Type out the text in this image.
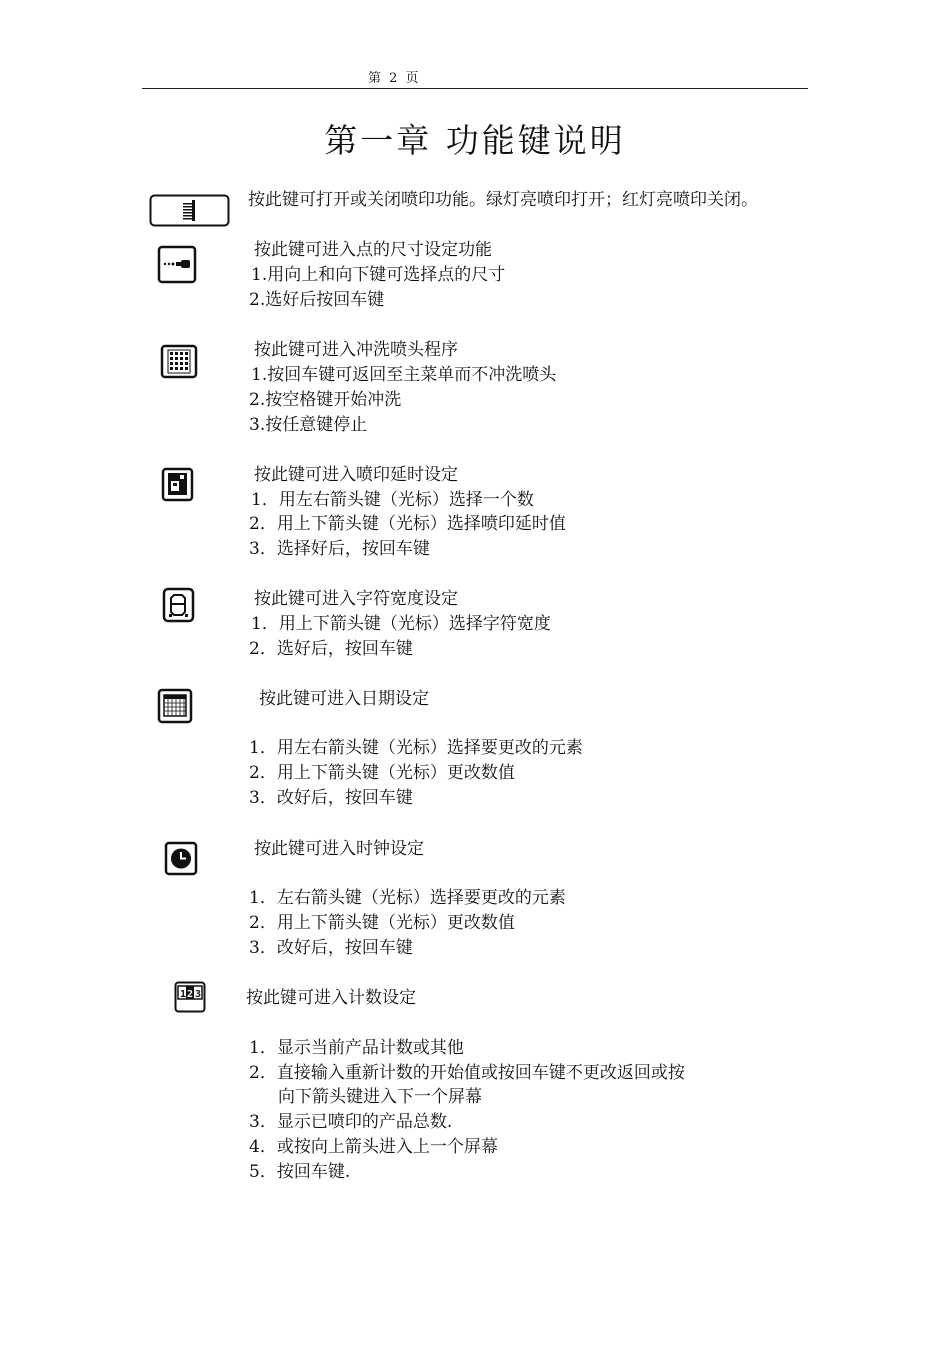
第 2 页
第一章 功能键说明
按此键可打开或关闭喷印功能。绿灯亮喷印打开；红灯亮喷印关闭。
按此键可进入点的尺寸设定功能
1.用向上和向下键可选择点的尺寸
2.选好后按回车键
按此键可进入冲洗喷头程序
1.按回车键可返回至主菜单而不冲洗喷头
2.按空格键开始冲洗
3.按任意键停止
按此键可进入喷印延时设定
1．用左右箭头键（光标）选择一个数
2．用上下箭头键（光标）选择喷印延时值
3．选择好后，按回车键
按此键可进入字符宽度设定
1．用上下箭头键（光标）选择字符宽度
2．选好后，按回车键
按此键可进入日期设定
1．用左右箭头键（光标）选择要更改的元素
2．用上下箭头键（光标）更改数值
3．改好后，按回车键
按此键可进入时钟设定
1．左右箭头键（光标）选择要更改的元素
2．用上下箭头键（光标）更改数值
3．改好后，按回车键
1 2 3	按此键可进入计数设定
1．显示当前产品计数或其他
2．直接输入重新计数的开始值或按回车键不更改返回或按
向下箭头键进入下一个屏幕
3．显示已喷印的产品总数.
4．或按向上箭头进入上一个屏幕
5．按回车键.
